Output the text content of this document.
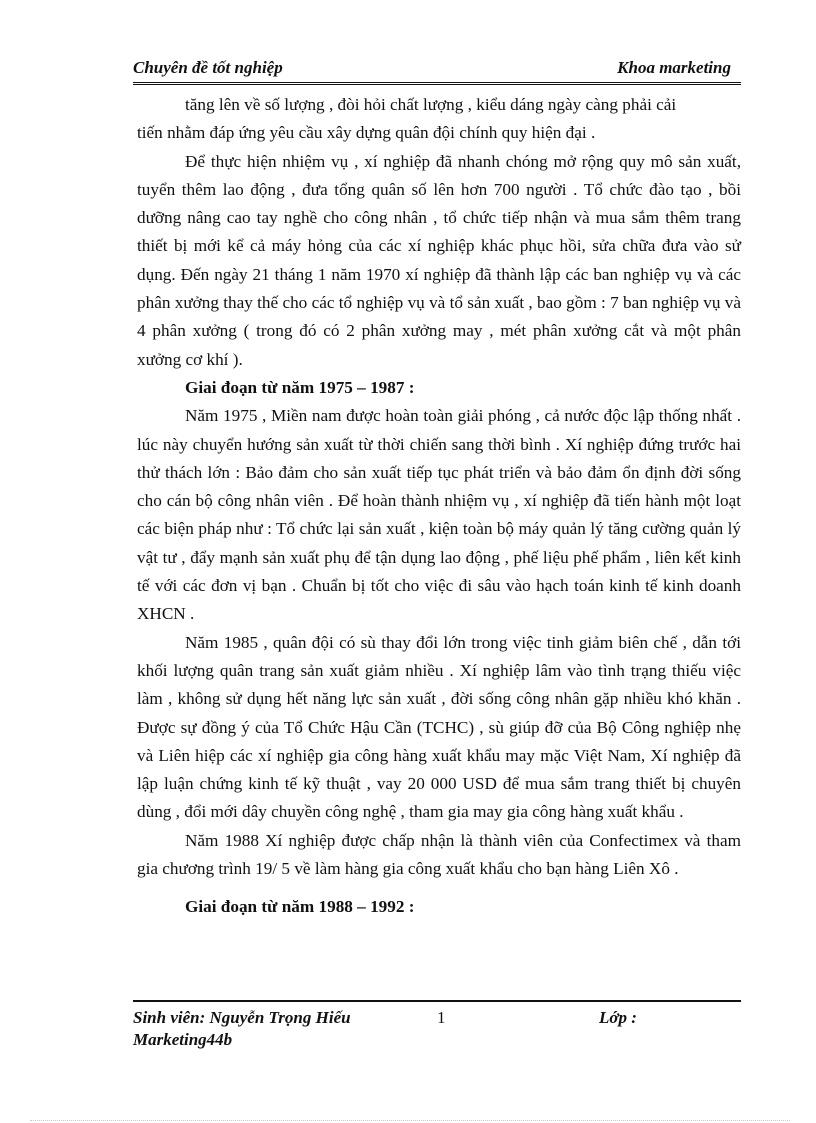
Chuyên đề tốt nghiệp	Khoa marketing

tăng lên về số lượng , đòi hỏi chất lượng , kiểu dáng ngày càng phải cải

tiến nhằm đáp ứng yêu cầu xây dựng quân đội chính quy hiện đại .

Để thực hiện nhiệm vụ , xí nghiệp đã nhanh chóng mở rộng quy mô sản xuất, tuyển thêm lao động , đưa tổng quân số lên hơn 700 người . Tổ chức đào tạo , bồi dưỡng nâng cao tay nghề cho công nhân , tổ chức tiếp nhận và mua sắm thêm trang thiết bị mới kể cả máy hỏng của các xí nghiệp khác phục hồi, sửa chữa đưa vào sử dụng. Đến ngày 21 tháng 1 năm 1970 xí nghiệp đã thành lập các ban nghiệp vụ và các phân xưởng thay thế cho các tổ nghiệp vụ và tổ sản xuất , bao gồm : 7 ban nghiệp vụ và 4 phân xưởng ( trong đó có 2 phân xưởng may , mét phân xưởng cắt và một phân xưởng cơ khí ).

Giai đoạn từ năm 1975 – 1987 :

Năm 1975 , Miền nam được hoàn toàn giải phóng , cả nước độc lập thống nhất . lúc này chuyển hướng sản xuất từ thời chiến sang thời bình . Xí nghiệp đứng trước hai thử thách lớn : Bảo đảm cho sản xuất tiếp tục phát triển và bảo đảm ổn định đời sống cho cán bộ công nhân viên . Để hoàn thành nhiệm vụ , xí nghiệp đã tiến hành một loạt các biện pháp như : Tổ chức lại sản xuất , kiện toàn bộ máy quản lý tăng cường quản lý vật tư , đẩy mạnh sản xuất phụ để tận dụng lao động , phế liệu phế phẩm , liên kết kinh tế với các đơn vị bạn . Chuẩn bị tốt cho việc đi sâu vào hạch toán kinh tế kinh doanh XHCN .

Năm 1985 , quân đội có sù thay đổi lớn trong việc tinh giảm biên chế , dẫn tới khối lượng quân trang sản xuất giảm nhiều . Xí nghiệp lâm vào tình trạng thiếu việc làm , không sử dụng hết năng lực sản xuất , đời sống công nhân gặp nhiều khó khăn . Được sự đồng ý của Tổ Chức Hậu Cần (TCHC) , sù giúp đỡ của Bộ Công nghiệp nhẹ và Liên hiệp các xí nghiệp gia công hàng xuất khẩu may mặc Việt Nam, Xí nghiệp đã lập luận chứng kinh tế kỹ thuật , vay 20 000 USD để mua sắm trang thiết bị chuyên dùng , đổi mới dây chuyền công nghệ , tham gia may gia công hàng xuất khẩu .

Năm 1988 Xí nghiệp được chấp nhận là thành viên của Confectimex và tham gia chương trình 19/ 5 về làm hàng gia công xuất khẩu cho bạn hàng Liên Xô .

Giai đoạn từ năm 1988 – 1992 :

Sinh viên: Nguyễn Trọng Hiếu	1	Lớp :
Marketing44b
